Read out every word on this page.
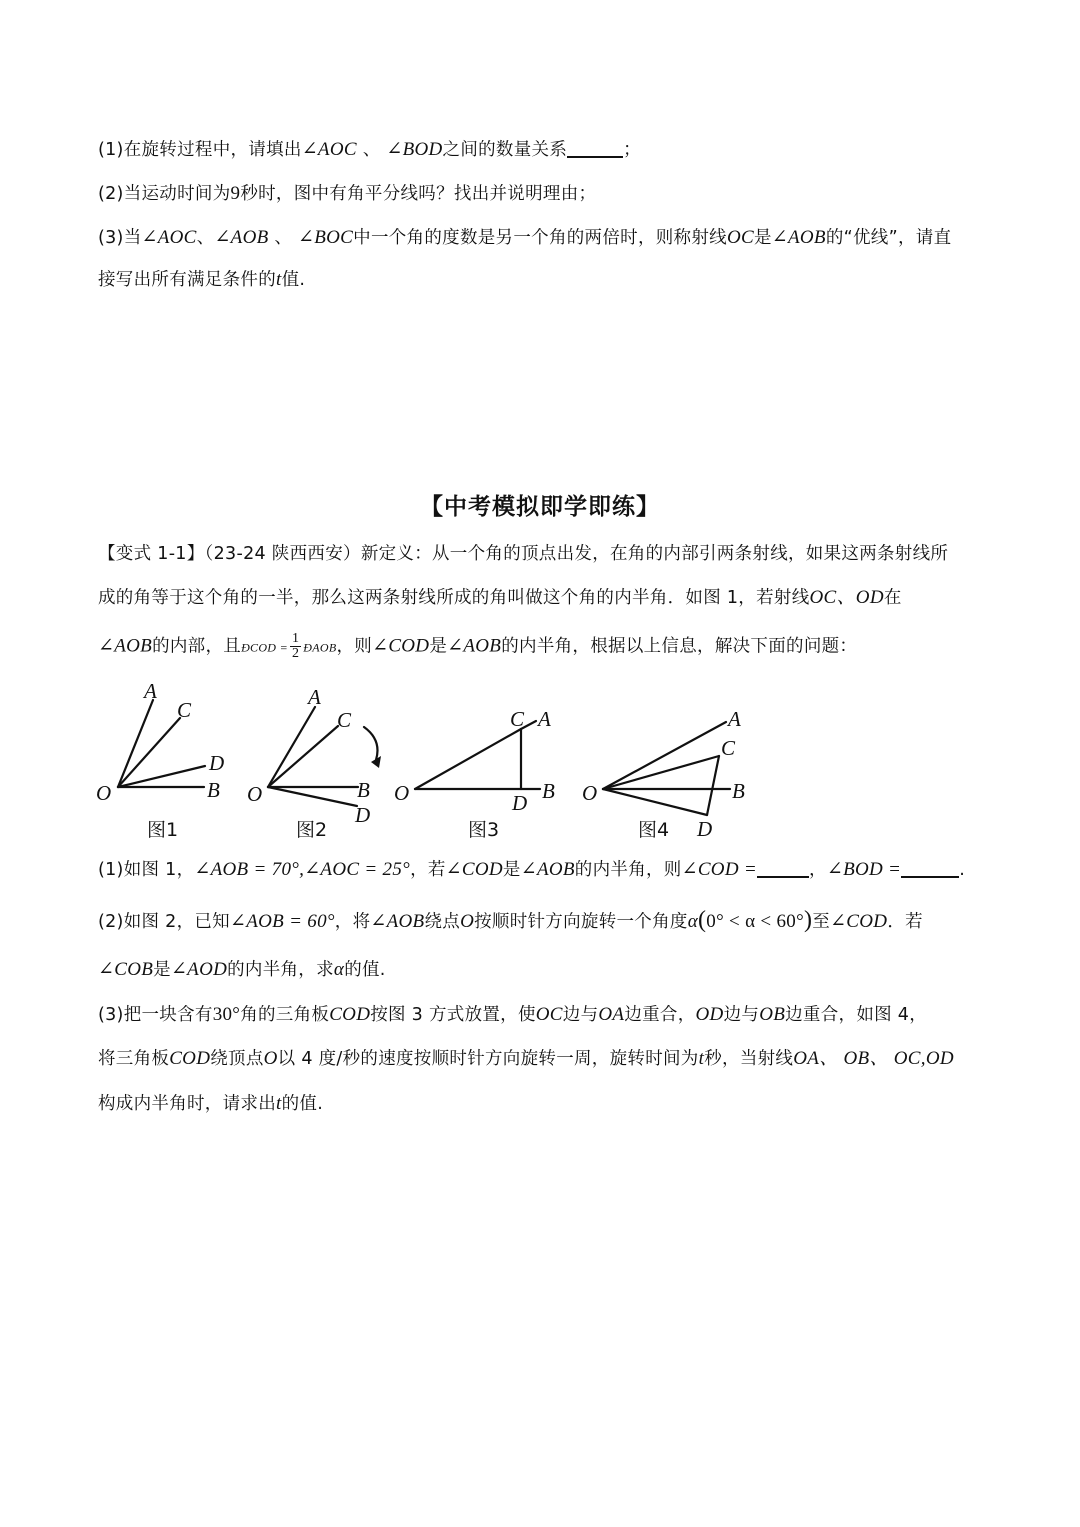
(1)在旋转过程中，请填出∠AOC 、 ∠BOD之间的数量关系	；
(2)当运动时间为9秒时，图中有角平分线吗？找出并说明理由；
(3)当∠AOC、∠AOB 、 ∠BOC中一个角的度数是另一个角的两倍时，则称射线OC是∠AOB的“优线”，请直
接写出所有满足条件的t值.
【中考模拟即学即练】
【变式 1-1】（23-24 陕西西安）新定义：从一个角的顶点出发，在角的内部引两条射线，如果这两条射线所
成的角等于这个角的一半，那么这两条射线所成的角叫做这个角的内半角．如图 1，若射线OC、OD在
∠AOB的内部，且ÐCOD = $\frac{1}{2}$ ÐAOB，则∠COD是∠AOB的内半角，根据以上信息，解决下面的问题：
A
C
D
O	B
图1
A
C
O	B
D
图2
C A
O	D B
图3
A
C
O	B
D
图4
(1)如图 1，∠AOB = 70°,∠AOC = 25°，若∠COD是∠AOB的内半角，则∠COD =	，∠BOD =	.
(2)如图 2，已知∠AOB = 60°，将∠AOB绕点O按顺时针方向旋转一个角度α(0° < α < 60°)至∠COD．若
∠COB是∠AOD的内半角，求α的值.
(3)把一块含有30°角的三角板COD按图 3 方式放置，使OC边与OA边重合，OD边与OB边重合，如图 4，
将三角板COD绕顶点O以 4 度/秒的速度按顺时针方向旋转一周，旋转时间为t秒，当射线OA、 OB、 OC,OD
构成内半角时，请求出t的值.
